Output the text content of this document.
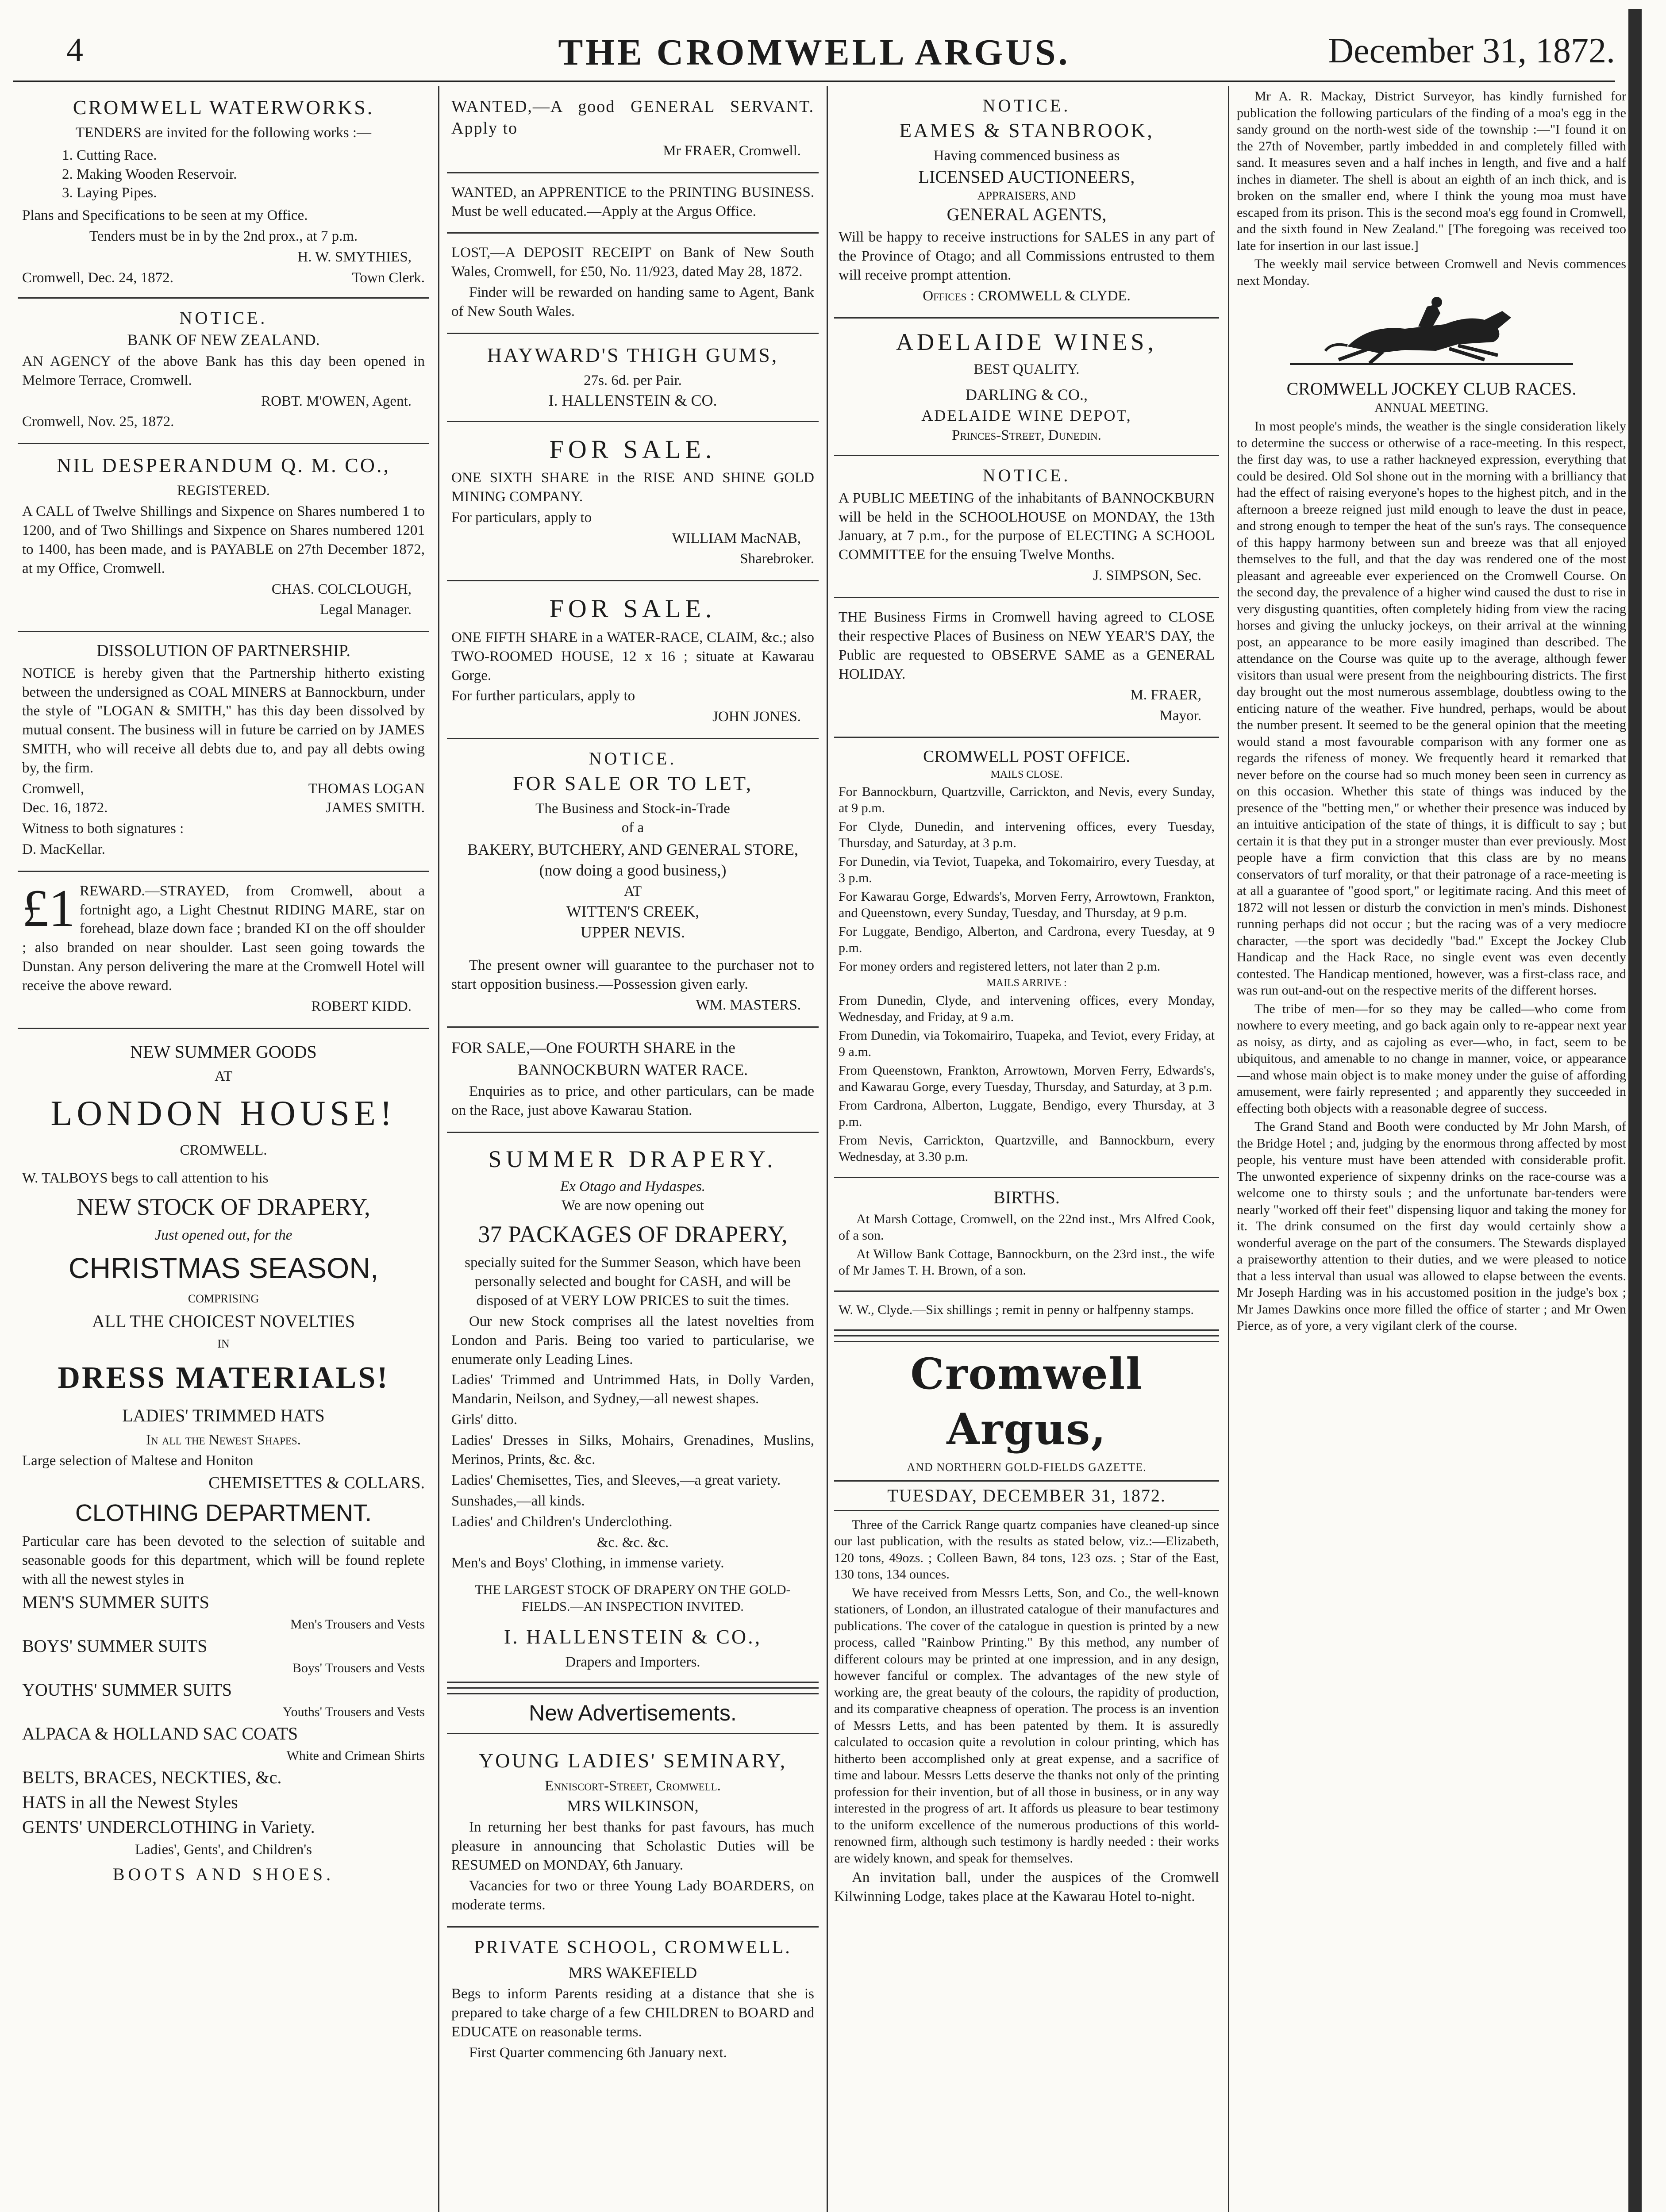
4	THE CROMWELL ARGUS.	December 31, 1872.
CROMWELL WATERWORKS.

TENDERS are invited for the following works :—

1. Cutting Race.
2. Making Wooden Reservoir.
3. Laying Pipes.

Plans and Specifications to be seen at my Office.

Tenders must be in by the 2nd prox., at 7 p.m.

H. W. SMYTHIES,

Cromwell, Dec. 24, 1872.	Town Clerk.
NOTICE.
BANK OF NEW ZEALAND.

AN AGENCY of the above Bank has this day been opened in Melmore Terrace, Cromwell.

ROBT. M'OWEN, Agent.

Cromwell, Nov. 25, 1872.

NIL DESPERANDUM Q. M. CO.,
REGISTERED.

A CALL of Twelve Shillings and Sixpence on Shares numbered 1 to 1200, and of Two Shillings and Sixpence on Shares numbered 1201 to 1400, has been made, and is PAYABLE on 27th December 1872, at my Office, Cromwell.

CHAS. COLCLOUGH,

Legal Manager.

DISSOLUTION OF PARTNERSHIP.

NOTICE is hereby given that the Partnership hitherto existing between the undersigned as COAL MINERS at Bannockburn, under the style of "LOGAN & SMITH," has this day been dissolved by mutual consent. The business will in future be carried on by JAMES SMITH, who will receive all debts due to, and pay all debts owing by, the firm.

Cromwell,	THOMAS LOGAN
Dec. 16, 1872.	JAMES SMITH.

Witness to both signatures :

D. MacKellar.

£1 REWARD.—STRAYED, from Cromwell, about a fortnight ago, a Light Chestnut RIDING MARE, star on forehead, blaze down face ; branded KI on the off shoulder ; also branded on near shoulder. Last seen going towards the Dunstan. Any person delivering the mare at the Cromwell Hotel will receive the above reward.

ROBERT KIDD.

NEW SUMMER GOODS
AT
LONDON HOUSE!
CROMWELL.

W. TALBOYS begs to call attention to his

NEW STOCK OF DRAPERY,
Just opened out, for the
CHRISTMAS SEASON,
COMPRISING
ALL THE CHOICEST NOVELTIES
IN
DRESS MATERIALS!
LADIES' TRIMMED HATS
In all the Newest Shapes.

Large selection of Maltese and Honiton

CHEMISETTES & COLLARS.
CLOTHING DEPARTMENT.

Particular care has been devoted to the selection of suitable and seasonable goods for this department, which will be found replete with all the newest styles in

MEN'S SUMMER SUITS
Men's Trousers and Vests
BOYS' SUMMER SUITS
Boys' Trousers and Vests
YOUTHS' SUMMER SUITS
Youths' Trousers and Vests
ALPACA & HOLLAND SAC COATS
White and Crimean Shirts
BELTS, BRACES, NECKTIES, &c.
HATS in all the Newest Styles
GENTS' UNDERCLOTHING in Variety.

Ladies', Gents', and Children's

BOOTS AND SHOES.

WANTED,—A good GENERAL SERVANT. Apply to

Mr FRAER, Cromwell.

WANTED, an APPRENTICE to the PRINTING BUSINESS. Must be well educated.—Apply at the Argus Office.

LOST,—A DEPOSIT RECEIPT on Bank of New South Wales, Cromwell, for £50, No. 11/923, dated May 28, 1872.

Finder will be rewarded on handing same to Agent, Bank of New South Wales.

HAYWARD'S THIGH GUMS,
27s. 6d. per Pair.
I. HALLENSTEIN & CO.
FOR SALE.

ONE SIXTH SHARE in the RISE AND SHINE GOLD MINING COMPANY.

For particulars, apply to

WILLIAM MacNAB,

Sharebroker.

FOR SALE.

ONE FIFTH SHARE in a WATER-RACE, CLAIM, &c.; also TWO-ROOMED HOUSE, 12 x 16 ; situate at Kawarau Gorge.

For further particulars, apply to

JOHN JONES.

NOTICE.
FOR SALE OR TO LET,
The Business and Stock-in-Trade
of a

BAKERY, BUTCHERY, AND GENERAL STORE, (now doing a good business,)

AT
WITTEN'S CREEK,
UPPER NEVIS.

The present owner will guarantee to the purchaser not to start opposition business.—Possession given early.

WM. MASTERS.

FOR SALE,—One FOURTH SHARE in the

BANNOCKBURN WATER RACE.

Enquiries as to price, and other particulars, can be made on the Race, just above Kawarau Station.

SUMMER DRAPERY.
Ex Otago and Hydaspes.
We are now opening out
37 PACKAGES OF DRAPERY,

specially suited for the Summer Season, which have been personally selected and bought for CASH, and will be disposed of at VERY LOW PRICES to suit the times.

Our new Stock comprises all the latest novelties from London and Paris. Being too varied to particularise, we enumerate only Leading Lines.

Ladies' Trimmed and Untrimmed Hats, in Dolly Varden, Mandarin, Neilson, and Sydney,—all newest shapes.

Girls' ditto.

Ladies' Dresses in Silks, Mohairs, Grenadines, Muslins, Merinos, Prints, &c. &c.

Ladies' Chemisettes, Ties, and Sleeves,—a great variety.

Sunshades,—all kinds.

Ladies' and Children's Underclothing.

&c. &c. &c.

Men's and Boys' Clothing, in immense variety.

THE LARGEST STOCK OF DRAPERY ON THE GOLD-FIELDS.—AN INSPECTION INVITED.

I. HALLENSTEIN & CO.,
Drapers and Importers.
New Advertisements.
YOUNG LADIES' SEMINARY,
Enniscort-Street, Cromwell.
MRS WILKINSON,

In returning her best thanks for past favours, has much pleasure in announcing that Scholastic Duties will be RESUMED on MONDAY, 6th January.

Vacancies for two or three Young Lady BOARDERS, on moderate terms.

PRIVATE SCHOOL, CROMWELL.
MRS WAKEFIELD

Begs to inform Parents residing at a distance that she is prepared to take charge of a few CHILDREN to BOARD and EDUCATE on reasonable terms.

First Quarter commencing 6th January next.

NOTICE.
EAMES & STANBROOK,
Having commenced business as
LICENSED AUCTIONEERS,
APPRAISERS, AND
GENERAL AGENTS,

Will be happy to receive instructions for SALES in any part of the Province of Otago; and all Commissions entrusted to them will receive prompt attention.

Offices : CROMWELL & CLYDE.

ADELAIDE WINES,
BEST QUALITY.
DARLING & CO.,
ADELAIDE WINE DEPOT,
Princes-Street, Dunedin.
NOTICE.

A PUBLIC MEETING of the inhabitants of BANNOCKBURN will be held in the SCHOOLHOUSE on MONDAY, the 13th January, at 7 p.m., for the purpose of ELECTING A SCHOOL COMMITTEE for the ensuing Twelve Months.

J. SIMPSON, Sec.

THE Business Firms in Cromwell having agreed to CLOSE their respective Places of Business on NEW YEAR'S DAY, the Public are requested to OBSERVE SAME as a GENERAL HOLIDAY.

M. FRAER,

Mayor.

CROMWELL POST OFFICE.
MAILS CLOSE.

For Bannockburn, Quartzville, Carrickton, and Nevis, every Sunday, at 9 p.m.

For Clyde, Dunedin, and intervening offices, every Tuesday, Thursday, and Saturday, at 3 p.m.

For Dunedin, via Teviot, Tuapeka, and Tokomairiro, every Tuesday, at 3 p.m.

For Kawarau Gorge, Edwards's, Morven Ferry, Arrowtown, Frankton, and Queenstown, every Sunday, Tuesday, and Thursday, at 9 p.m.

For Luggate, Bendigo, Alberton, and Cardrona, every Tuesday, at 9 p.m.

For money orders and registered letters, not later than 2 p.m.

MAILS ARRIVE :

From Dunedin, Clyde, and intervening offices, every Monday, Wednesday, and Friday, at 9 a.m.

From Dunedin, via Tokomairiro, Tuapeka, and Teviot, every Friday, at 9 a.m.

From Queenstown, Frankton, Arrowtown, Morven Ferry, Edwards's, and Kawarau Gorge, every Tuesday, Thursday, and Saturday, at 3 p.m.

From Cardrona, Alberton, Luggate, Bendigo, every Thursday, at 3 p.m.

From Nevis, Carrickton, Quartzville, and Bannockburn, every Wednesday, at 3.30 p.m.

BIRTHS.

At Marsh Cottage, Cromwell, on the 22nd inst., Mrs Alfred Cook, of a son.

At Willow Bank Cottage, Bannockburn, on the 23rd inst., the wife of Mr James T. H. Brown, of a son.

W. W., Clyde.—Six shillings ; remit in penny or halfpenny stamps.

Cromwell Argus,
AND NORTHERN GOLD-FIELDS GAZETTE.
TUESDAY, DECEMBER 31, 1872.

Three of the Carrick Range quartz companies have cleaned-up since our last publication, with the results as stated below, viz.:—Elizabeth, 120 tons, 49ozs. ; Colleen Bawn, 84 tons, 123 ozs. ; Star of the East, 130 tons, 134 ounces.

We have received from Messrs Letts, Son, and Co., the well-known stationers, of London, an illustrated catalogue of their manufactures and publications. The cover of the catalogue in question is printed by a new process, called "Rainbow Printing." By this method, any number of different colours may be printed at one impression, and in any design, however fanciful or complex. The advantages of the new style of working are, the great beauty of the colours, the rapidity of production, and its comparative cheapness of operation. The process is an invention of Messrs Letts, and has been patented by them. It is assuredly calculated to occasion quite a revolution in colour printing, which has hitherto been accomplished only at great expense, and a sacrifice of time and labour. Messrs Letts deserve the thanks not only of the printing profession for their invention, but of all those in business, or in any way interested in the progress of art. It affords us pleasure to bear testimony to the uniform excellence of the numerous productions of this world-renowned firm, although such testimony is hardly needed : their works are widely known, and speak for themselves.

An invitation ball, under the auspices of the Cromwell Kilwinning Lodge, takes place at the Kawarau Hotel to-night.

Mr A. R. Mackay, District Surveyor, has kindly furnished for publication the following particulars of the finding of a moa's egg in the sandy ground on the north-west side of the township :—"I found it on the 27th of November, partly imbedded in and completely filled with sand. It measures seven and a half inches in length, and five and a half inches in diameter. The shell is about an eighth of an inch thick, and is broken on the smaller end, where I think the young moa must have escaped from its prison. This is the second moa's egg found in Cromwell, and the sixth found in New Zealand." [The foregoing was received too late for insertion in our last issue.]

The weekly mail service between Cromwell and Nevis commences next Monday.

CROMWELL JOCKEY CLUB RACES.
ANNUAL MEETING.

In most people's minds, the weather is the single consideration likely to determine the success or otherwise of a race-meeting. In this respect, the first day was, to use a rather hackneyed expression, everything that could be desired. Old Sol shone out in the morning with a brilliancy that had the effect of raising everyone's hopes to the highest pitch, and in the afternoon a breeze reigned just mild enough to leave the dust in peace, and strong enough to temper the heat of the sun's rays. The consequence of this happy harmony between sun and breeze was that all enjoyed themselves to the full, and that the day was rendered one of the most pleasant and agreeable ever experienced on the Cromwell Course. On the second day, the prevalence of a higher wind caused the dust to rise in very disgusting quantities, often completely hiding from view the racing horses and giving the unlucky jockeys, on their arrival at the winning post, an appearance to be more easily imagined than described. The attendance on the Course was quite up to the average, although fewer visitors than usual were present from the neighbouring districts. The first day brought out the most numerous assemblage, doubtless owing to the enticing nature of the weather. Five hundred, perhaps, would be about the number present. It seemed to be the general opinion that the meeting would stand a most favourable comparison with any former one as regards the rifeness of money. We frequently heard it remarked that never before on the course had so much money been seen in currency as on this occasion. Whether this state of things was induced by the presence of the "betting men," or whether their presence was induced by an intuitive anticipation of the state of things, it is difficult to say ; but certain it is that they put in a stronger muster than ever previously. Most people have a firm conviction that this class are by no means conservators of turf morality, or that their patronage of a race-meeting is at all a guarantee of "good sport," or legitimate racing. And this meet of 1872 will not lessen or disturb the conviction in men's minds. Dishonest running perhaps did not occur ; but the racing was of a very mediocre character, —the sport was decidedly "bad." Except the Jockey Club Handicap and the Hack Race, no single event was even decently contested. The Handicap mentioned, however, was a first-class race, and was run out-and-out on the respective merits of the different horses.

The tribe of men—for so they may be called—who come from nowhere to every meeting, and go back again only to re-appear next year as noisy, as dirty, and as cajoling as ever—who, in fact, seem to be ubiquitous, and amenable to no change in manner, voice, or appearance—and whose main object is to make money under the guise of affording amusement, were fairly represented ; and apparently they succeeded in effecting both objects with a reasonable degree of success.

The Grand Stand and Booth were conducted by Mr John Marsh, of the Bridge Hotel ; and, judging by the enormous throng affected by most people, his venture must have been attended with considerable profit. The unwonted experience of sixpenny drinks on the race-course was a welcome one to thirsty souls ; and the unfortunate bar-tenders were nearly "worked off their feet" dispensing liquor and taking the money for it. The drink consumed on the first day would certainly show a wonderful average on the part of the consumers. The Stewards displayed a praiseworthy attention to their duties, and we were pleased to notice that a less interval than usual was allowed to elapse between the events. Mr Joseph Harding was in his accustomed position in the judge's box ; Mr James Dawkins once more filled the office of starter ; and Mr Owen Pierce, as of yore, a very vigilant clerk of the course.
